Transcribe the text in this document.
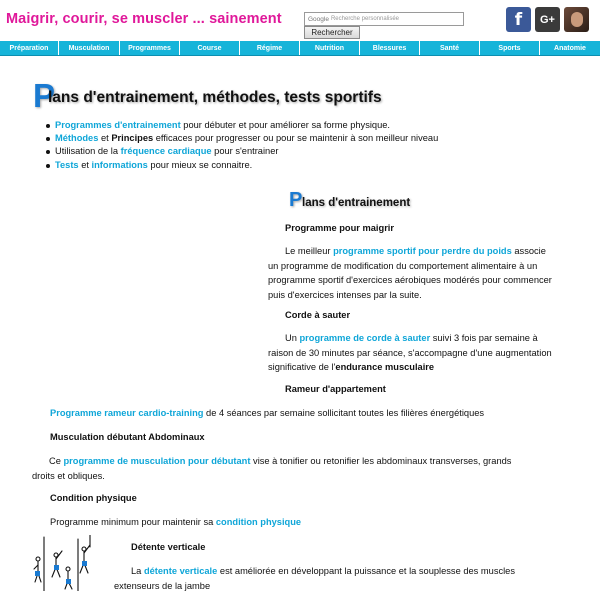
Maigrir, courir, se muscler ... sainement	Google Recherche personnalisée
Rechercher
f	G+
Préparation	Musculation	Programmes	Course	Régime	Nutrition	Blessures	Santé	Sports	Anatomie
P
lans d'entrainement, méthodes, tests sportifs
Programmes d'entrainement pour débuter et pour améliorer sa forme physique.
Méthodes et Principes efficaces pour progresser ou pour se maintenir à son meilleur niveau
Utilisation de la fréquence cardiaque pour s'entrainer
Tests et informations pour mieux se connaitre.
P lans d'entrainement
Programme pour maigrir
Le meilleur programme sportif pour perdre du poids associe
un programme de modification du comportement alimentaire à un
programme sportif d'exercices aérobiques modérés pour commencer
puis d'exercices intenses par la suite.
Corde à sauter
Un programme de corde à sauter suivi 3 fois par semaine à
raison de 30 minutes par séance, s'accompagne d'une augmentation
significative de l'endurance musculaire
Rameur d'appartement
Programme rameur cardio-training de 4 séances par semaine sollicitant toutes les filières énergétiques
Musculation débutant Abdominaux
Ce programme de musculation pour débutant vise à tonifier ou retonifier les abdominaux transverses, grands
droits et obliques.
Condition physique
Programme minimum pour maintenir sa condition physique
Détente verticale
La détente verticale est améliorée en développant la puissance et la souplesse des muscles
extenseurs de la jambe
